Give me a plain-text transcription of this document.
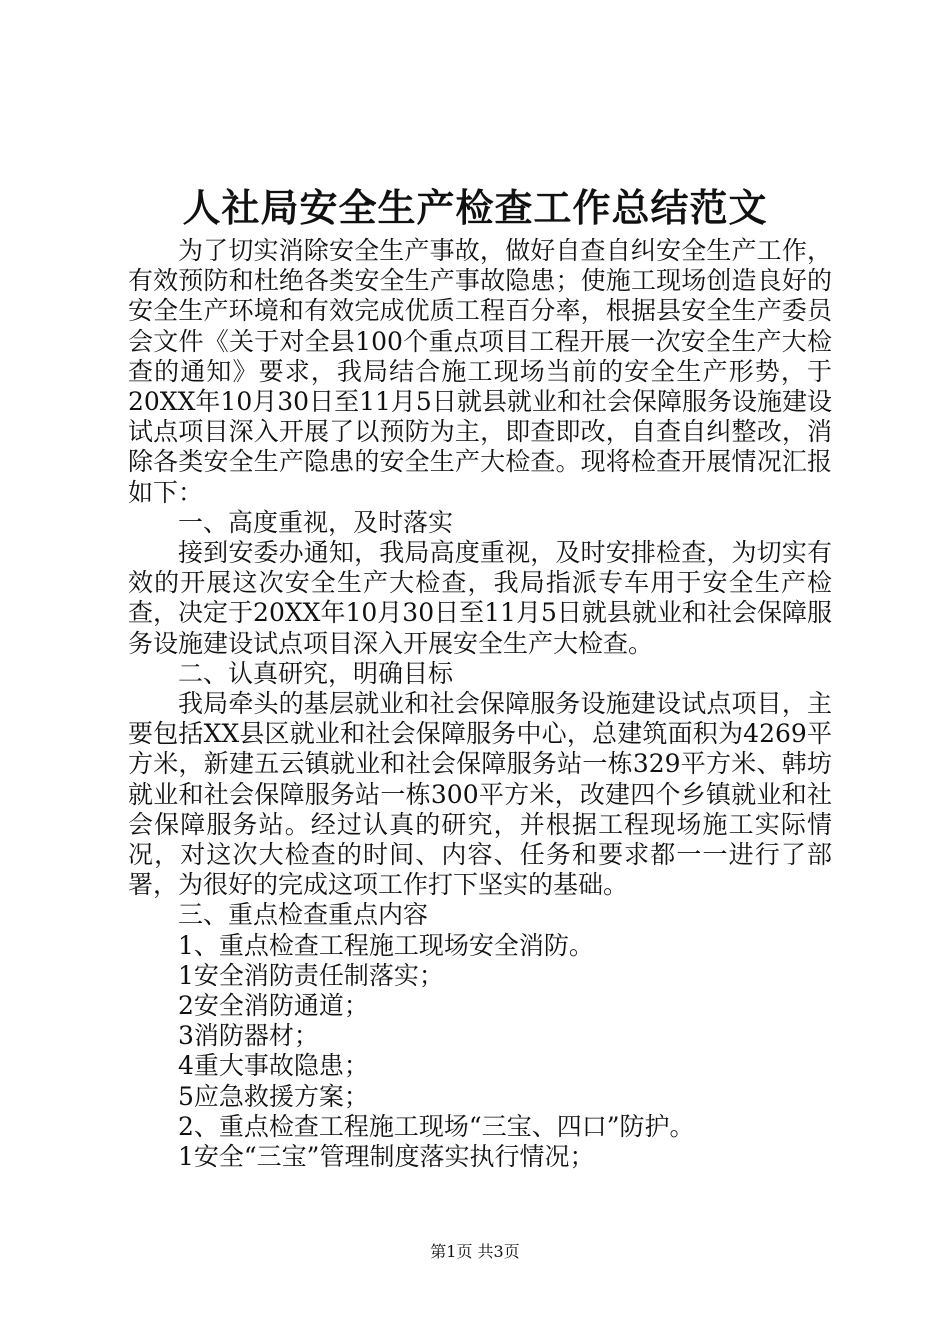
人社局安全生产检查工作总结范文

为了切实消除安全生产事故，做好自查自纠安全生产工作，有效预防和杜绝各类安全生产事故隐患；使施工现场创造良好的安全生产环境和有效完成优质工程百分率，根据县安全生产委员会文件《关于对全县100个重点项目工程开展一次安全生产大检查的通知》要求，我局结合施工现场当前的安全生产形势，于20XX年10月30日至11月5日就县就业和社会保障服务设施建设试点项目深入开展了以预防为主，即查即改，自查自纠整改，消除各类安全生产隐患的安全生产大检查。现将检查开展情况汇报如下：

一、高度重视，及时落实

接到安委办通知，我局高度重视，及时安排检查，为切实有效的开展这次安全生产大检查，我局指派专车用于安全生产检查，决定于20XX年10月30日至11月5日就县就业和社会保障服务设施建设试点项目深入开展安全生产大检查。

二、认真研究，明确目标

我局牵头的基层就业和社会保障服务设施建设试点项目，主要包括XX县区就业和社会保障服务中心，总建筑面积为4269平方米，新建五云镇就业和社会保障服务站一栋329平方米、韩坊就业和社会保障服务站一栋300平方米，改建四个乡镇就业和社会保障服务站。经过认真的研究，并根据工程现场施工实际情况，对这次大检查的时间、内容、任务和要求都一一进行了部署，为很好的完成这项工作打下坚实的基础。

三、重点检查重点内容

1、重点检查工程施工现场安全消防。

1安全消防责任制落实；

2安全消防通道；

3消防器材；

4重大事故隐患；

5应急救援方案；

2、重点检查工程施工现场“三宝、四口”防护。

1安全“三宝”管理制度落实执行情况；

第1页 共3页
